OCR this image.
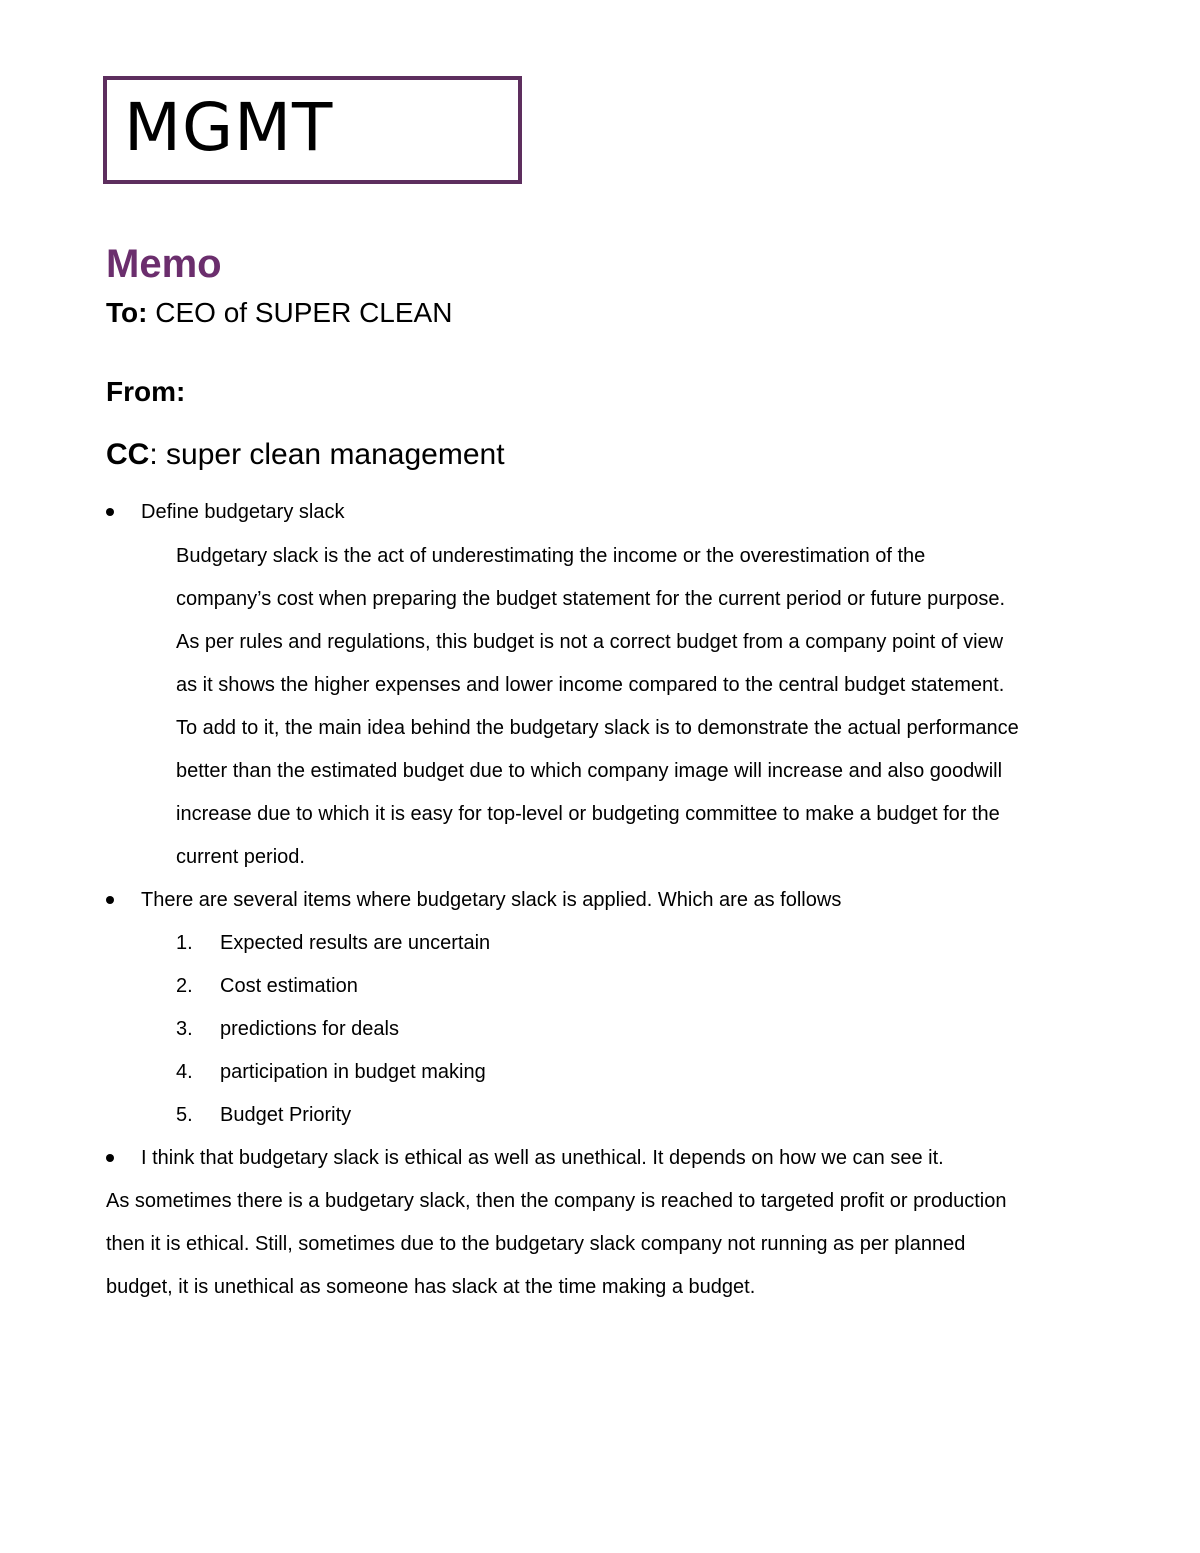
MGMT
Memo
To: CEO of SUPER CLEAN
From:
CC: super clean management
Define budgetary slack
Budgetary slack is the act of underestimating the income or the overestimation of the
company’s cost when preparing the budget statement for the current period or future purpose.
As per rules and regulations, this budget is not a correct budget from a company point of view
as it shows the higher expenses and lower income compared to the central budget statement.
To add to it, the main idea behind the budgetary slack is to demonstrate the actual performance
better than the estimated budget due to which company image will increase and also goodwill
increase due to which it is easy for top-level or budgeting committee to make a budget for the
current period.
There are several items where budgetary slack is applied. Which are as follows
1. Expected results are uncertain
2. Cost estimation
3. predictions for deals
4. participation in budget making
5. Budget Priority
I think that budgetary slack is ethical as well as unethical. It depends on how we can see it.
As sometimes there is a budgetary slack, then the company is reached to targeted profit or production
then it is ethical. Still, sometimes due to the budgetary slack company not running as per planned
budget, it is unethical as someone has slack at the time making a budget.
